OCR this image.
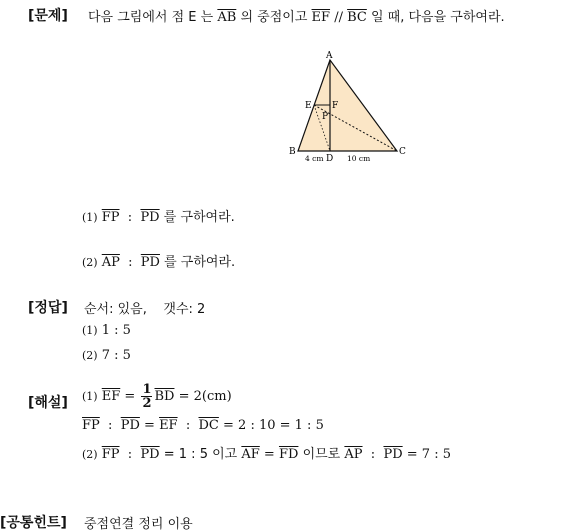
[문제] 다음 그림에서 점 E 는 $\overline{AB}$ 의 중점이고 $\overline{EF} // \overline{BC}$ 일 때, 다음을 구하여라.
A
B	C
D
E F
P
4 cm	10 cm
(1) $\overline{FP}$ : $\overline{PD}$ 를 구하여라.
(2) $\overline{AP}$ : $\overline{PD}$ 를 구하여라.
[정답] 순서: 있음,    갯수: 2
(1) 1 : 5
(2) 7 : 5
[해설] (1) $\overline{EF} = \frac{1}{2} \overline{BD} = 2(cm)$
$\overline{FP}$ : $\overline{PD} = \overline{EF}$ : $\overline{DC} = 2$ : 10 = 1 : 5
(2) $\overline{FP}$ : $\overline{PD} = 1$ : 5 이고 $\overline{AF} = \overline{FD}$ 이므로 $\overline{AP}$ : $\overline{PD} = 7$ : 5
[공통힌트] 중점연결 정리 이용
